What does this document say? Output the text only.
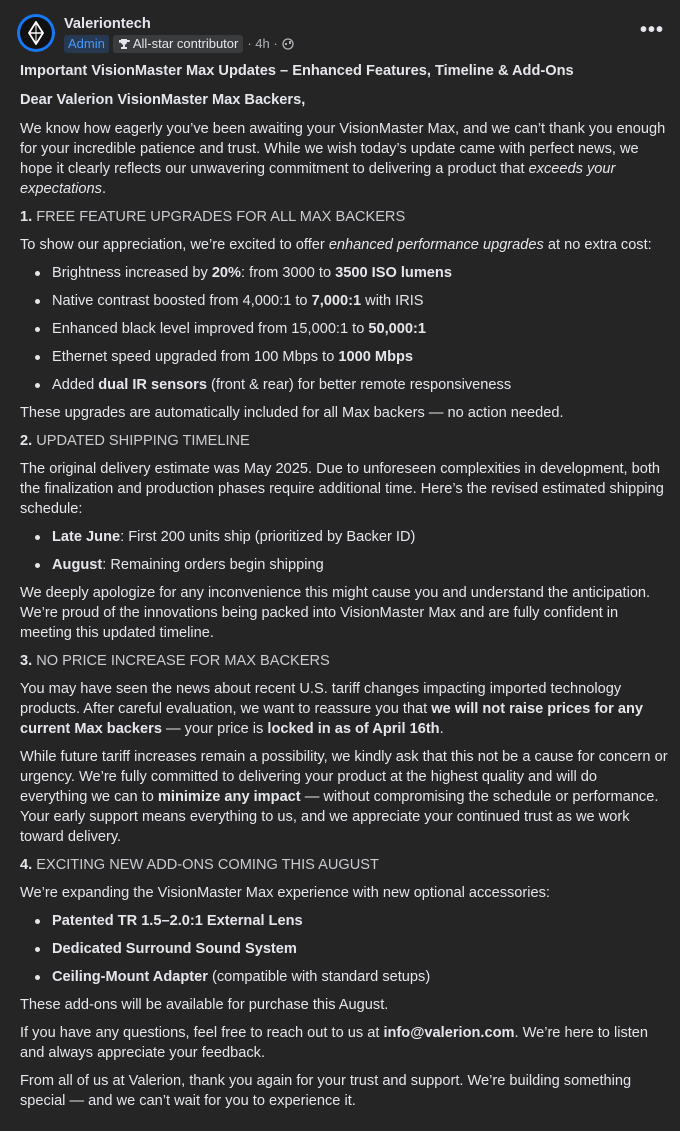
Valeriontech
Admin	All-star contributor · 4h ·
•••

Important VisionMaster Max Updates – Enhanced Features, Timeline & Add-Ons

Dear Valerion VisionMaster Max Backers,

We know how eagerly you’ve been awaiting your VisionMaster Max, and we can’t thank you enough for your incredible patience and trust. While we wish today’s update came with perfect news, we hope it clearly reflects our unwavering commitment to delivering a product that exceeds your expectations.

1. FREE FEATURE UPGRADES FOR ALL MAX BACKERS

To show our appreciation, we’re excited to offer enhanced performance upgrades at no extra cost:

Brightness increased by 20%: from 3000 to 3500 ISO lumens
Native contrast boosted from 4,000:1 to 7,000:1 with IRIS
Enhanced black level improved from 15,000:1 to 50,000:1
Ethernet speed upgraded from 100 Mbps to 1000 Mbps
Added dual IR sensors (front & rear) for better remote responsiveness

These upgrades are automatically included for all Max backers — no action needed.

2. UPDATED SHIPPING TIMELINE

The original delivery estimate was May 2025. Due to unforeseen complexities in development, both the finalization and production phases require additional time. Here’s the revised estimated shipping schedule:

Late June: First 200 units ship (prioritized by Backer ID)
August: Remaining orders begin shipping

We deeply apologize for any inconvenience this might cause you and understand the anticipation. We’re proud of the innovations being packed into VisionMaster Max and are fully confident in meeting this updated timeline.

3. NO PRICE INCREASE FOR MAX BACKERS

You may have seen the news about recent U.S. tariff changes impacting imported technology products. After careful evaluation, we want to reassure you that we will not raise prices for any current Max backers — your price is locked in as of April 16th.

While future tariff increases remain a possibility, we kindly ask that this not be a cause for concern or urgency. We’re fully committed to delivering your product at the highest quality and will do everything we can to minimize any impact — without compromising the schedule or performance. Your early support means everything to us, and we appreciate your continued trust as we work toward delivery.

4. EXCITING NEW ADD-ONS COMING THIS AUGUST

We’re expanding the VisionMaster Max experience with new optional accessories:

Patented TR 1.5–2.0:1 External Lens
Dedicated Surround Sound System
Ceiling-Mount Adapter (compatible with standard setups)

These add-ons will be available for purchase this August.

If you have any questions, feel free to reach out to us at info@valerion.com. We’re here to listen and always appreciate your feedback.

From all of us at Valerion, thank you again for your trust and support. We’re building something special — and we can’t wait for you to experience it.
